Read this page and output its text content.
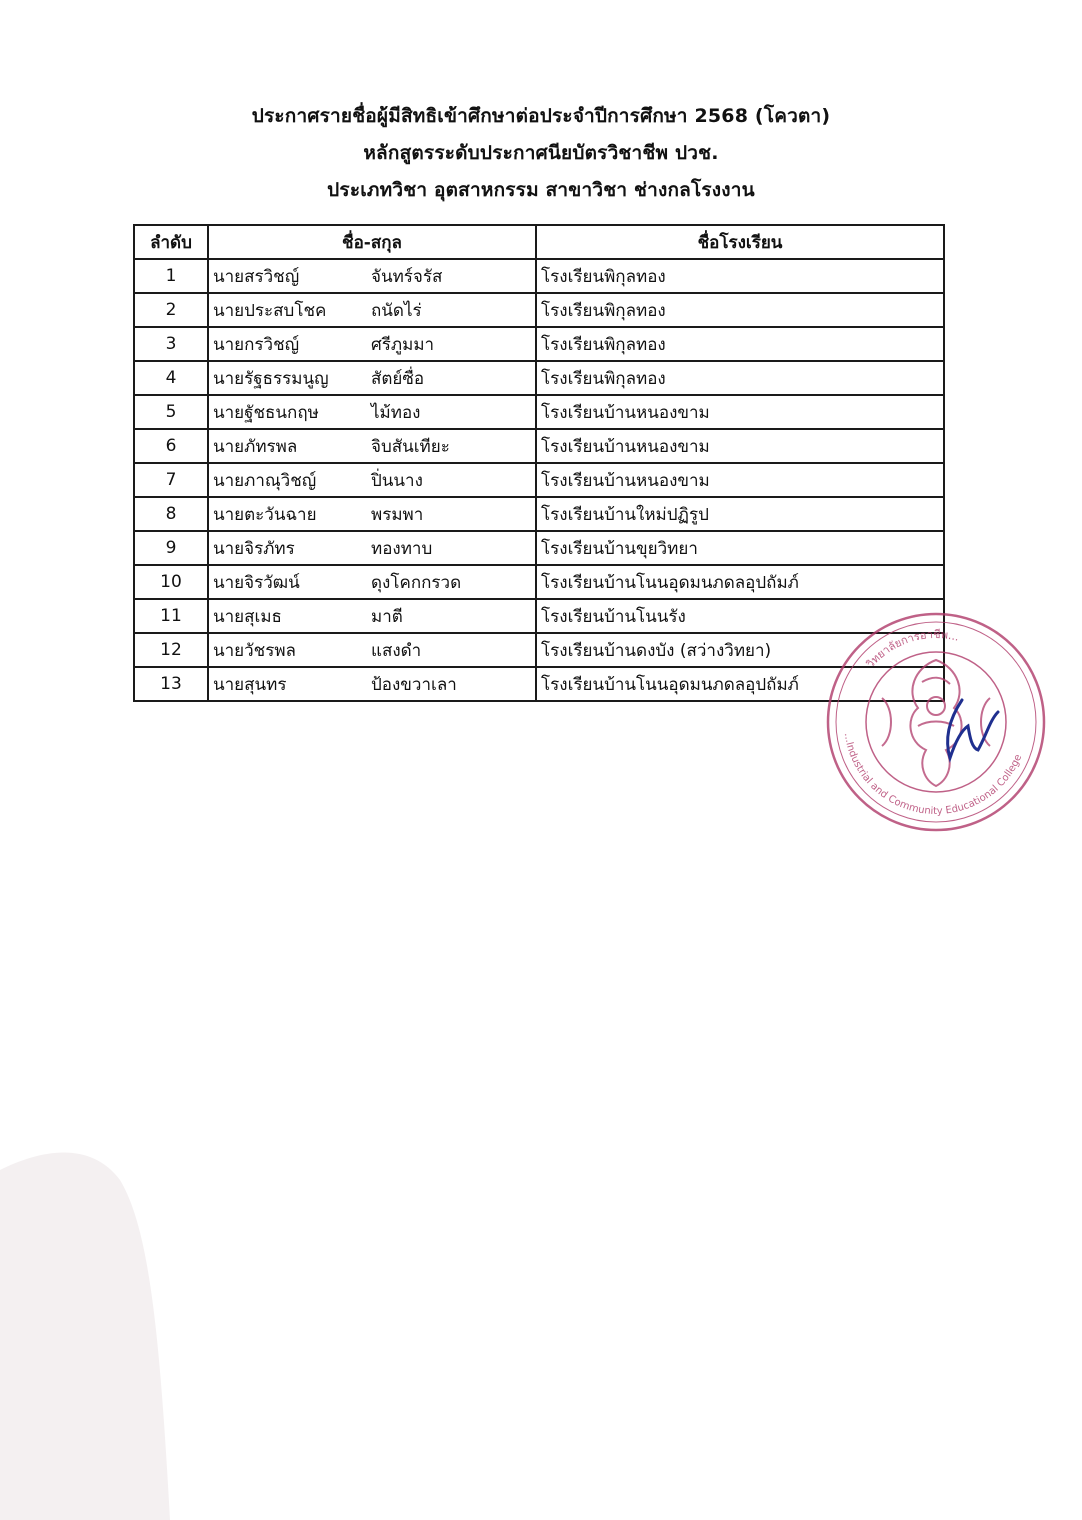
ประกาศรายชื่อผู้มีสิทธิเข้าศึกษาต่อประจำปีการศึกษา 2568 (โควตา)
หลักสูตรระดับประกาศนียบัตรวิชาชีพ ปวช.
ประเภทวิชา อุตสาหกรรม สาขาวิชา ช่างกลโรงงาน
ลำดับ	ชื่อ-สกุล	ชื่อโรงเรียน
1	นายสรวิชญ์ จันทร์จรัส	โรงเรียนพิกุลทอง
2	นายประสบโชค ถนัดไร่	โรงเรียนพิกุลทอง
3	นายกรวิชญ์ ศรีภูมมา	โรงเรียนพิกุลทอง
4	นายรัฐธรรมนูญ สัตย์ซื่อ	โรงเรียนพิกุลทอง
5	นายฐัชธนกฤษ ไม้ทอง	โรงเรียนบ้านหนองขาม
6	นายภัทรพล จิบสันเทียะ	โรงเรียนบ้านหนองขาม
7	นายภาณุวิชญ์ ปิ่นนาง	โรงเรียนบ้านหนองขาม
8	นายตะวันฉาย พรมพา	โรงเรียนบ้านใหม่ปฏิรูป
9	นายจิรภัทร ทองทาบ	โรงเรียนบ้านขุยวิทยา
10	นายจิรวัฒน์ ดุงโคกกรวด	โรงเรียนบ้านโนนอุดมนภดลอุปถัมภ์
11	นายสุเมธ มาตี	โรงเรียนบ้านโนนรัง
12	นายวัชรพล แสงดำ	โรงเรียนบ้านดงบัง (สว่างวิทยา)
13	นายสุนทร ป้องขวาเลา	โรงเรียนบ้านโนนอุดมนภดลอุปถัมภ์
วิทยาลัยการอาชีพ...
...Industrial and Community Educational College
